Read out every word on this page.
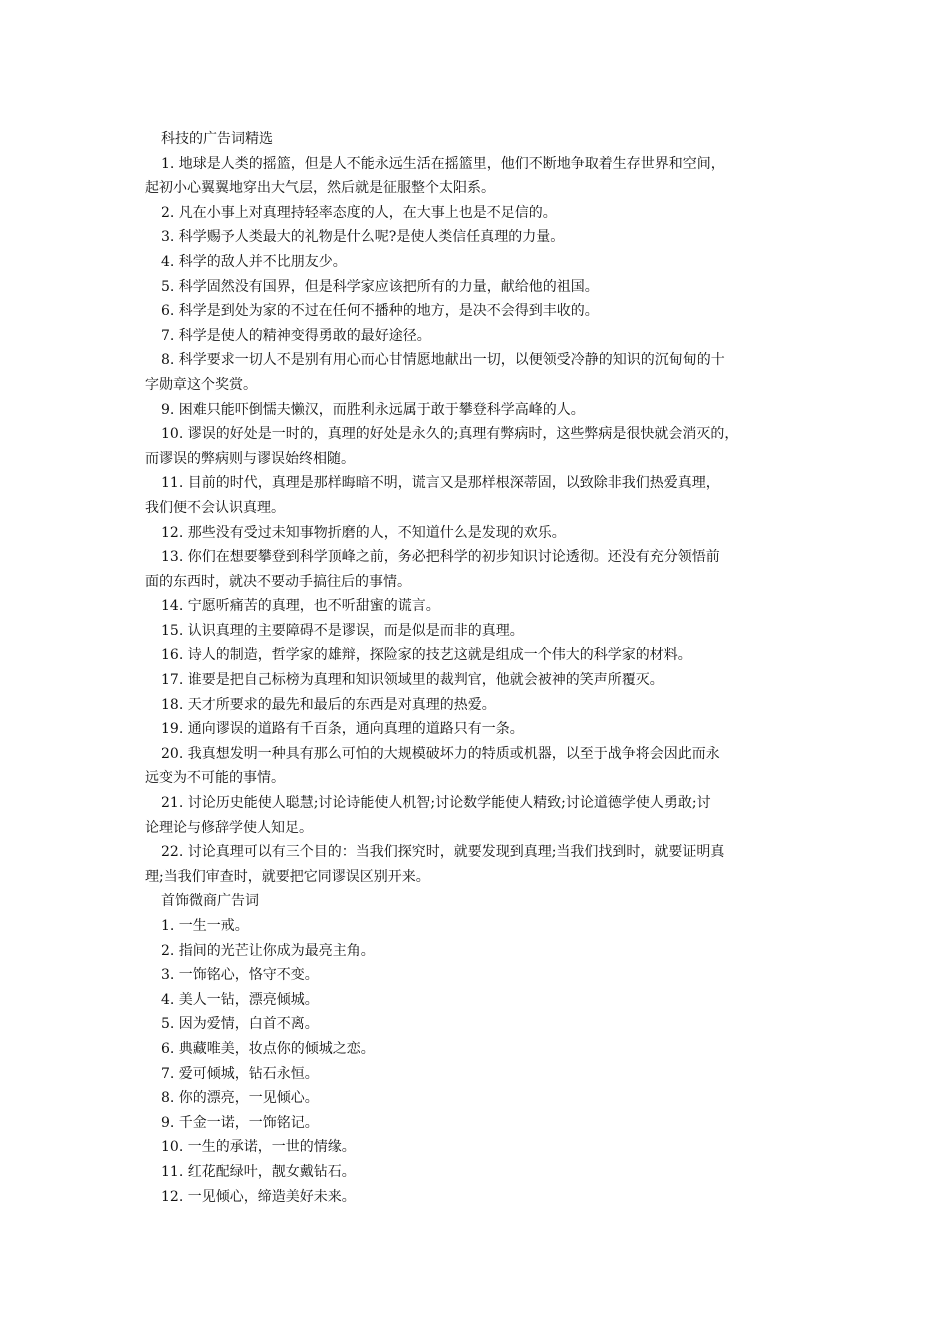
科技的广告词精选
1. 地球是人类的摇篮，但是人不能永远生活在摇篮里，他们不断地争取着生存世界和空间，
起初小心翼翼地穿出大气层，然后就是征服整个太阳系。
2. 凡在小事上对真理持轻率态度的人，在大事上也是不足信的。
3. 科学赐予人类最大的礼物是什么呢?是使人类信任真理的力量。
4. 科学的敌人并不比朋友少。
5. 科学固然没有国界，但是科学家应该把所有的力量，献给他的祖国。
6. 科学是到处为家的不过在任何不播种的地方，是决不会得到丰收的。
7. 科学是使人的精神变得勇敢的最好途径。
8. 科学要求一切人不是别有用心而心甘情愿地献出一切，以便领受冷静的知识的沉甸甸的十
字勋章这个奖赏。
9. 困难只能吓倒懦夫懒汉，而胜利永远属于敢于攀登科学高峰的人。
10. 谬误的好处是一时的，真理的好处是永久的;真理有弊病时，这些弊病是很快就会消灭的，
而谬误的弊病则与谬误始终相随。
11. 目前的时代，真理是那样晦暗不明，谎言又是那样根深蒂固，以致除非我们热爱真理，
我们便不会认识真理。
12. 那些没有受过未知事物折磨的人，不知道什么是发现的欢乐。
13. 你们在想要攀登到科学顶峰之前，务必把科学的初步知识讨论透彻。还没有充分领悟前
面的东西时，就决不要动手搞往后的事情。
14. 宁愿听痛苦的真理，也不听甜蜜的谎言。
15. 认识真理的主要障碍不是谬误，而是似是而非的真理。
16. 诗人的制造，哲学家的雄辩，探险家的技艺这就是组成一个伟大的科学家的材料。
17. 谁要是把自己标榜为真理和知识领域里的裁判官，他就会被神的笑声所覆灭。
18. 天才所要求的最先和最后的东西是对真理的热爱。
19. 通向谬误的道路有千百条，通向真理的道路只有一条。
20. 我真想发明一种具有那么可怕的大规模破坏力的特质或机器，以至于战争将会因此而永
远变为不可能的事情。
21. 讨论历史能使人聪慧;讨论诗能使人机智;讨论数学能使人精致;讨论道德学使人勇敢;讨
论理论与修辞学使人知足。
22. 讨论真理可以有三个目的：当我们探究时，就要发现到真理;当我们找到时，就要证明真
理;当我们审查时，就要把它同谬误区别开来。
首饰微商广告词
1. 一生一戒。
2. 指间的光芒让你成为最亮主角。
3. 一饰铭心，恪守不变。
4. 美人一钻，漂亮倾城。
5. 因为爱情，白首不离。
6. 典藏唯美，妆点你的倾城之恋。
7. 爱可倾城，钻石永恒。
8. 你的漂亮，一见倾心。
9. 千金一诺，一饰铭记。
10. 一生的承诺，一世的情缘。
11. 红花配绿叶，靓女戴钻石。
12. 一见倾心，缔造美好未来。
